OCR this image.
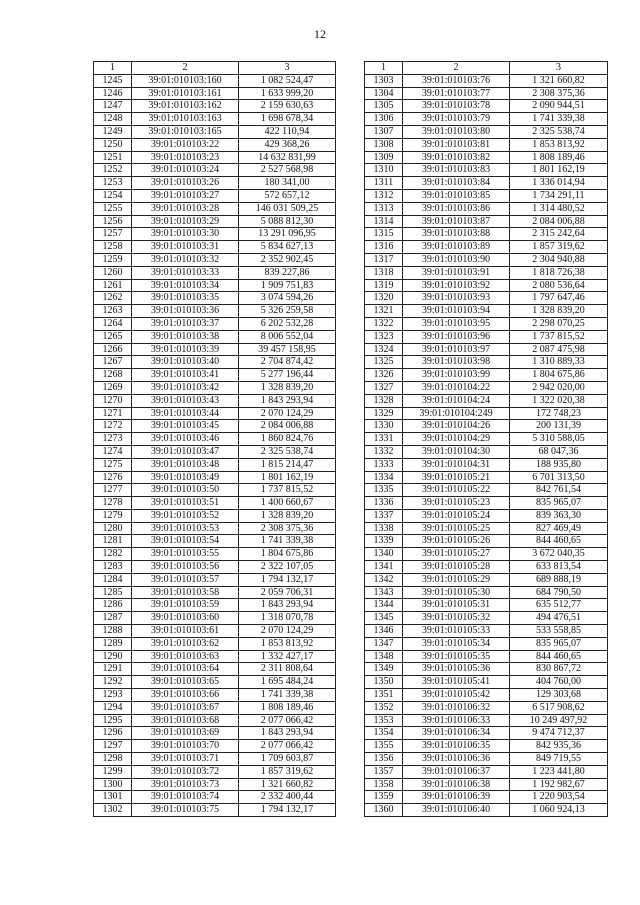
12
1	2	3
1245	39:01:010103:160	1 082 524,47
1246	39:01:010103:161	1 633 999,20
1247	39:01:010103:162	2 159 630,63
1248	39:01:010103:163	1 698 678,34
1249	39:01:010103:165	422 110,94
1250	39:01:010103:22	429 368,26
1251	39:01:010103:23	14 632 831,99
1252	39:01:010103:24	2 527 568,98
1253	39:01:010103:26	180 341,00
1254	39:01:010103:27	572 657,12
1255	39:01:010103:28	146 031 509,25
1256	39:01:010103:29	5 088 812,30
1257	39:01:010103:30	13 291 096,95
1258	39:01:010103:31	5 834 627,13
1259	39:01:010103:32	2 352 902,45
1260	39:01:010103:33	839 227,86
1261	39:01:010103:34	1 909 751,83
1262	39:01:010103:35	3 074 594,26
1263	39:01:010103:36	5 326 259,58
1264	39:01:010103:37	6 202 532,28
1265	39:01:010103:38	8 006 552,04
1266	39:01:010103:39	39 457 158,95
1267	39:01:010103:40	2 704 874,42
1268	39:01:010103:41	5 277 196,44
1269	39:01:010103:42	1 328 839,20
1270	39:01:010103:43	1 843 293,94
1271	39:01:010103:44	2 070 124,29
1272	39:01:010103:45	2 084 006,88
1273	39:01:010103:46	1 860 824,76
1274	39:01:010103:47	2 325 538,74
1275	39:01:010103:48	1 815 214,47
1276	39:01:010103:49	1 801 162,19
1277	39:01:010103:50	1 737 815,52
1278	39:01:010103:51	1 400 660,67
1279	39:01:010103:52	1 328 839,20
1280	39:01:010103:53	2 308 375,36
1281	39:01:010103:54	1 741 339,38
1282	39:01:010103:55	1 804 675,86
1283	39:01:010103:56	2 322 107,05
1284	39:01:010103:57	1 794 132,17
1285	39:01:010103:58	2 059 706,31
1286	39:01:010103:59	1 843 293,94
1287	39:01:010103:60	1 318 070,78
1288	39:01:010103:61	2 070 124,29
1289	39:01:010103:62	1 853 813,92
1290	39:01:010103:63	1 332 427,17
1291	39:01:010103:64	2 311 808,64
1292	39:01:010103:65	1 695 484,24
1293	39:01:010103:66	1 741 339,38
1294	39:01:010103:67	1 808 189,46
1295	39:01:010103:68	2 077 066,42
1296	39:01:010103:69	1 843 293,94
1297	39:01:010103:70	2 077 066,42
1298	39:01:010103:71	1 709 603,87
1299	39:01:010103:72	1 857 319,62
1300	39:01:010103:73	1 321 660,82
1301	39:01:010103:74	2 332 400,44
1302	39:01:010103:75	1 794 132,17
1	2	3
1303	39:01:010103:76	1 321 660,82
1304	39:01:010103:77	2 308 375,36
1305	39:01:010103:78	2 090 944,51
1306	39:01:010103:79	1 741 339,38
1307	39:01:010103:80	2 325 538,74
1308	39:01:010103:81	1 853 813,92
1309	39:01:010103:82	1 808 189,46
1310	39:01:010103:83	1 801 162,19
1311	39:01:010103:84	1 336 014,94
1312	39:01:010103:85	1 734 291,11
1313	39:01:010103:86	1 314 480,52
1314	39:01:010103:87	2 084 006,88
1315	39:01:010103:88	2 315 242,64
1316	39:01:010103:89	1 857 319,62
1317	39:01:010103:90	2 304 940,88
1318	39:01:010103:91	1 818 726,38
1319	39:01:010103:92	2 080 536,64
1320	39:01:010103:93	1 797 647,46
1321	39:01:010103:94	1 328 839,20
1322	39:01:010103:95	2 298 070,25
1323	39:01:010103:96	1 737 815,52
1324	39:01:010103:97	2 087 475,98
1325	39:01:010103:98	1 310 889,33
1326	39:01:010103:99	1 804 675,86
1327	39:01:010104:22	2 942 020,00
1328	39:01:010104:24	1 322 020,38
1329	39:01:010104:249	172 748,23
1330	39:01:010104:26	200 131,39
1331	39:01:010104:29	5 310 588,05
1332	39:01:010104:30	68 047,36
1333	39:01:010104:31	188 935,80
1334	39:01:010105:21	6 701 313,50
1335	39:01:010105:22	842 761,54
1336	39:01:010105:23	835 965,07
1337	39:01:010105:24	839 363,30
1338	39:01:010105:25	827 469,49
1339	39:01:010105:26	844 460,65
1340	39:01:010105:27	3 672 040,35
1341	39:01:010105:28	633 813,54
1342	39:01:010105:29	689 888,19
1343	39:01:010105:30	684 790,50
1344	39:01:010105:31	635 512,77
1345	39:01:010105:32	494 476,51
1346	39:01:010105:33	533 558,85
1347	39:01:010105:34	835 965,07
1348	39:01:010105:35	844 460,65
1349	39:01:010105:36	830 867,72
1350	39:01:010105:41	404 760,00
1351	39:01:010105:42	129 303,68
1352	39:01:010106:32	6 517 908,62
1353	39:01:010106:33	10 249 497,92
1354	39:01:010106:34	9 474 712,37
1355	39:01:010106:35	842 935,36
1356	39:01:010106:36	849 719,55
1357	39:01:010106:37	1 223 441,80
1358	39:01:010106:38	1 192 982,67
1359	39:01:010106:39	1 220 903,54
1360	39:01:010106:40	1 060 924,13
